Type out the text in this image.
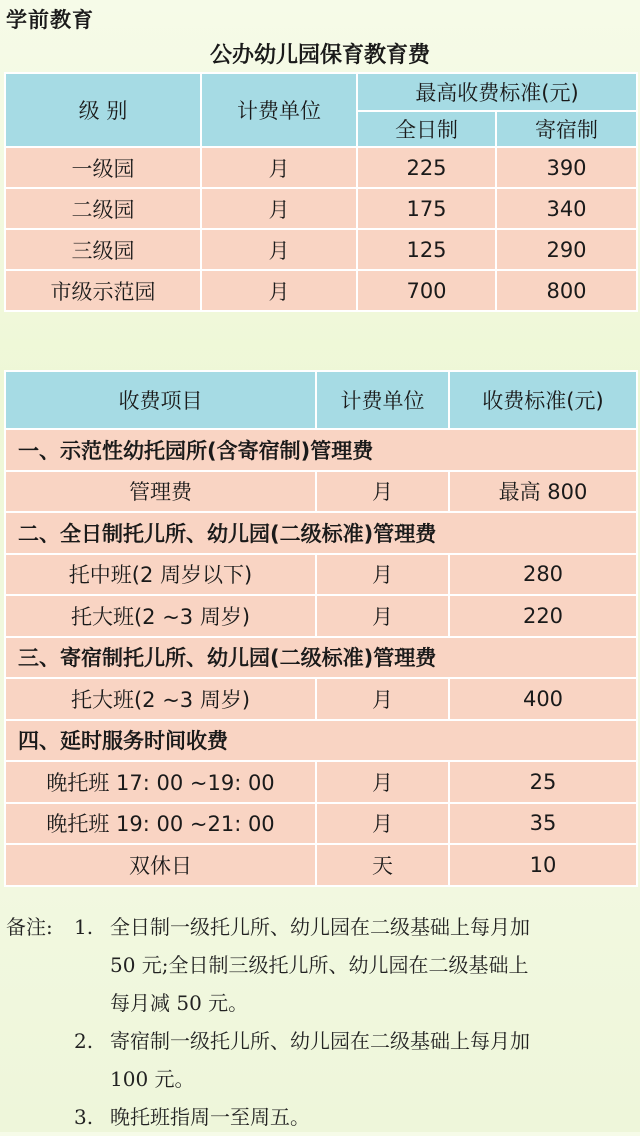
学前教育
公办幼儿园保育教育费
级 别	计费单位	最高收费标准(元)	
		全日制	寄宿制
一级园	月	225	390
二级园	月	175	340
三级园	月	125	290
市级示范园	月	700	800
收费项目	计费单位	收费标准(元)
一、示范性幼托园所(含寄宿制)管理费		
管理费	月	最高 800
二、全日制托儿所、幼儿园(二级标准)管理费		
托中班(2 周岁以下)	月	280
托大班(2 ~3 周岁)	月	220
三、寄宿制托儿所、幼儿园(二级标准)管理费		
托大班(2 ~3 周岁)	月	400
四、延时服务时间收费		
晚托班 17: 00 ~19: 00	月	25
晚托班 19: 00 ~21: 00	月	35
双休日	天	10
备注: 1. 全日制一级托儿所、幼儿园在二级基础上每月加
50 元;全日制三级托儿所、幼儿园在二级基础上
每月减 50 元。
2. 寄宿制一级托儿所、幼儿园在二级基础上每月加
100 元。
3. 晚托班指周一至周五。
